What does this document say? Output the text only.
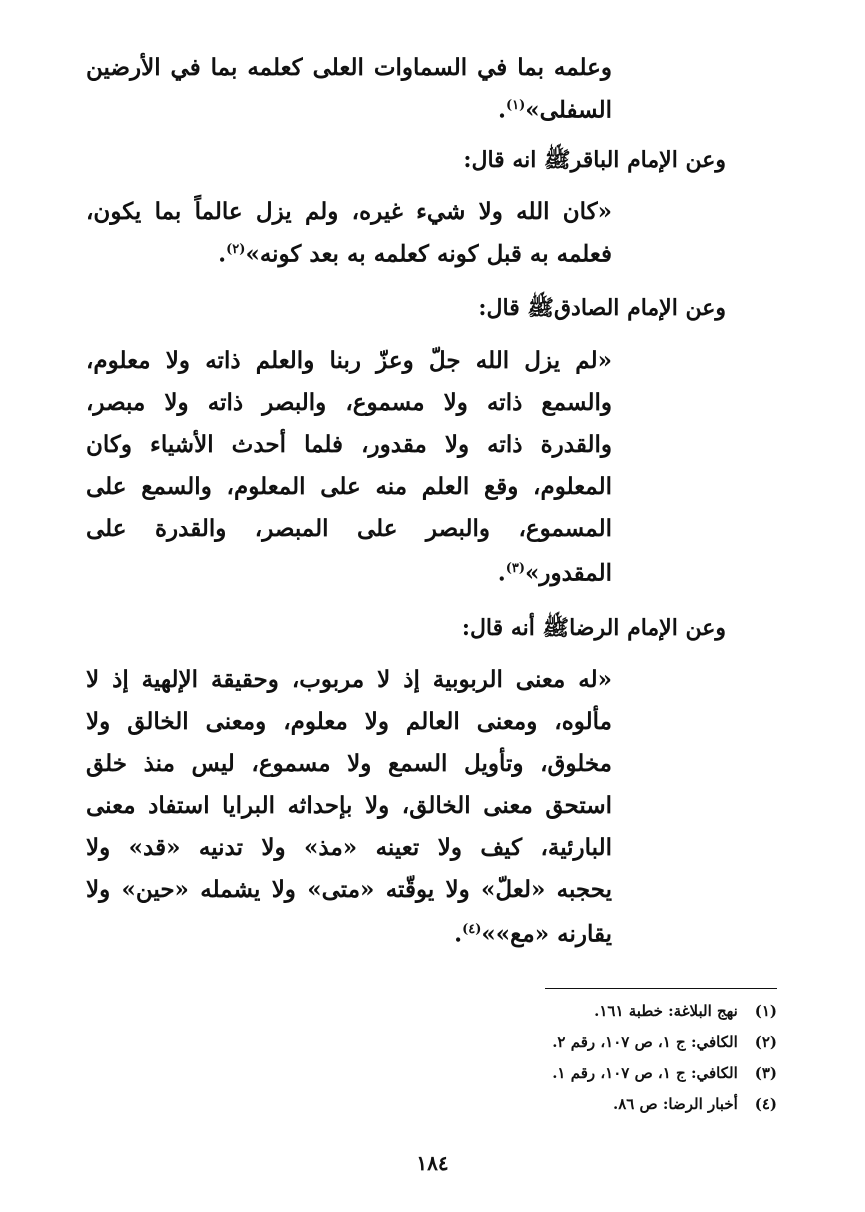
وعلمه بما في السماوات العلى كعلمه بما في الأرضين
السفلى»$^{(١)}$.
وعن الإمام الباقرﷺ انه قال:
«كان الله ولا شيء غيره، ولم يزل عالماً بما يكون،
فعلمه به قبل كونه كعلمه به بعد كونه»$^{(٢)}$.
وعن الإمام الصادقﷺ قال:
«لم يزل الله جلّ وعزّ ربنا والعلم ذاته ولا معلوم،
والسمع ذاته ولا مسموع، والبصر ذاته ولا مبصر،
والقدرة ذاته ولا مقدور، فلما أحدث الأشياء وكان
المعلوم، وقع العلم منه على المعلوم، والسمع على
المسموع، والبصر على المبصر، والقدرة على
المقدور»$^{(٣)}$.
وعن الإمام الرضاﷺ أنه قال:
«له معنى الربوبية إذ لا مربوب، وحقيقة الإلهية إذ لا
مألوه، ومعنى العالم ولا معلوم، ومعنى الخالق ولا
مخلوق، وتأويل السمع ولا مسموع، ليس منذ خلق
استحق معنى الخالق، ولا بإحداثه البرايا استفاد معنى
البارئية، كيف ولا تعينه «مذ» ولا تدنيه «قد» ولا
يحجبه «لعلّ» ولا يوقّته «متى» ولا يشمله «حين» ولا
يقارنه «مع»»$^{(٤)}$.
(١) نهج البلاغة: خطبة ١٦١.
(٢) الكافي: ج ١، ص ١٠٧، رقم ٢.
(٣) الكافي: ج ١، ص ١٠٧، رقم ١.
(٤) أخبار الرضا: ص ٨٦.
١٨٤
